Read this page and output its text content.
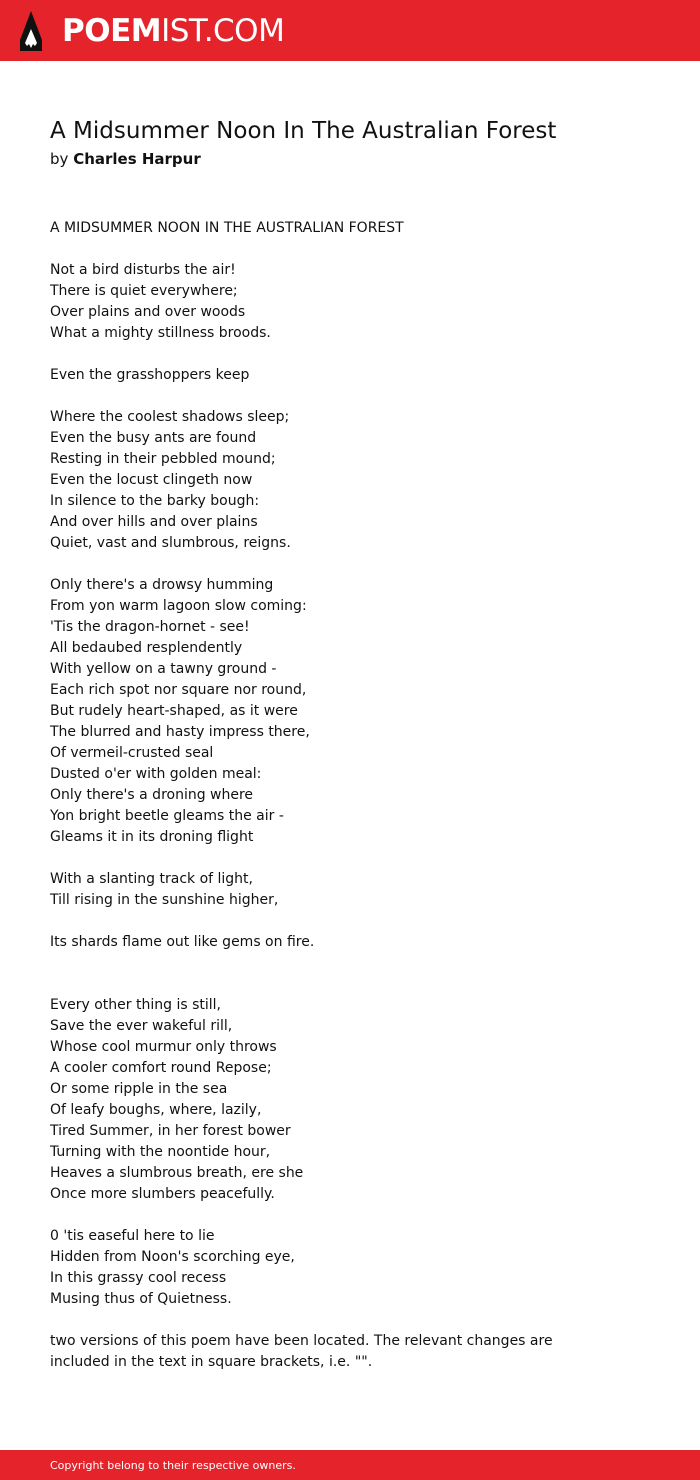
POEMIST.COM
A Midsummer Noon In The Australian Forest
by Charles Harpur
A MIDSUMMER NOON IN THE AUSTRALIAN FOREST
Not a bird disturbs the air!
There is quiet everywhere;
Over plains and over woods
What a mighty stillness broods.
Even the grasshoppers keep
Where the coolest shadows sleep;
Even the busy ants are found
Resting in their pebbled mound;
Even the locust clingeth now
In silence to the barky bough:
And over hills and over plains
Quiet, vast and slumbrous, reigns.
Only there's a drowsy humming
From yon warm lagoon slow coming:
'Tis the dragon-hornet - see!
All bedaubed resplendently
With yellow on a tawny ground -
Each rich spot nor square nor round,
But rudely heart-shaped, as it were
The blurred and hasty impress there,
Of vermeil-crusted seal
Dusted o'er with golden meal:
Only there's a droning where
Yon bright beetle gleams the air -
Gleams it in its droning flight
With a slanting track of light,
Till rising in the sunshine higher,
Its shards flame out like gems on fire.
Every other thing is still,
Save the ever wakeful rill,
Whose cool murmur only throws
A cooler comfort round Repose;
Or some ripple in the sea
Of leafy boughs, where, lazily,
Tired Summer, in her forest bower
Turning with the noontide hour,
Heaves a slumbrous breath, ere she
Once more slumbers peacefully.
0 'tis easeful here to lie
Hidden from Noon's scorching eye,
In this grassy cool recess
Musing thus of Quietness.
two versions of this poem have been located. The relevant changes are
included in the text in square brackets, i.e. "".
Copyright belong to their respective owners.
